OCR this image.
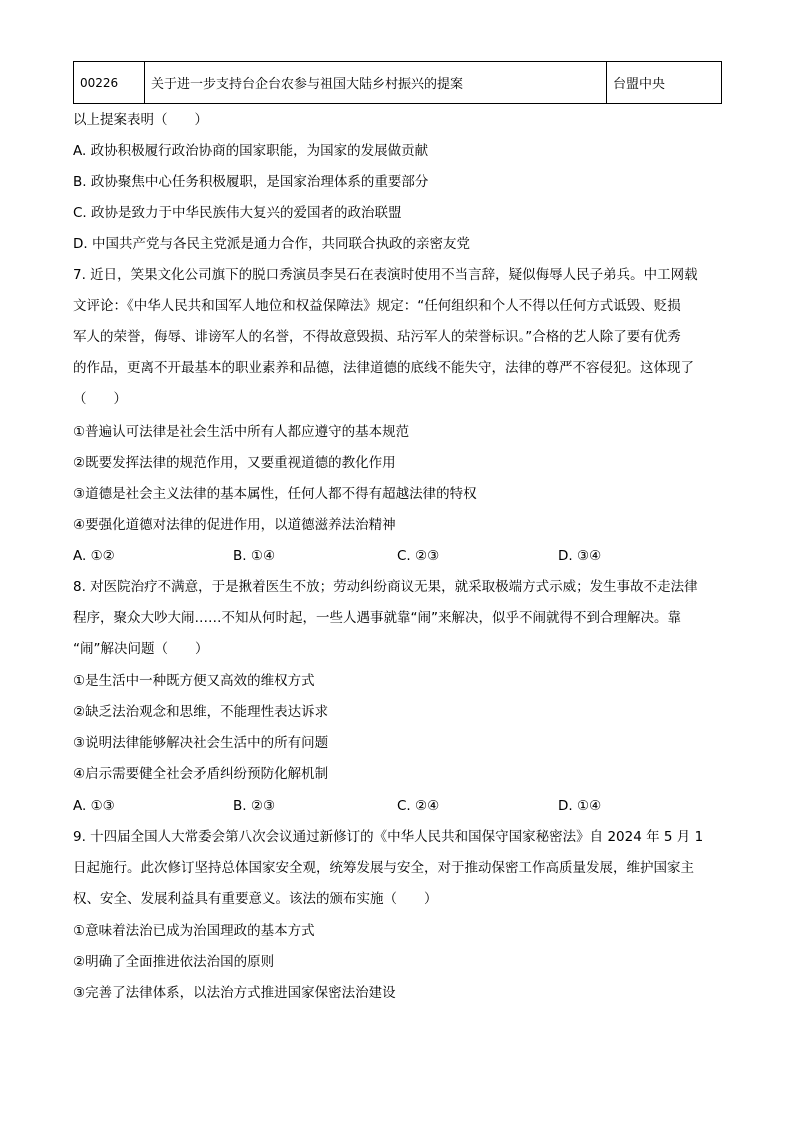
00226	关于进一步支持台企台农参与祖国大陆乡村振兴的提案	台盟中央
以上提案表明（　　）
A. 政协积极履行政治协商的国家职能，为国家的发展做贡献
B. 政协聚焦中心任务积极履职，是国家治理体系的重要部分
C. 政协是致力于中华民族伟大复兴的爱国者的政治联盟
D. 中国共产党与各民主党派是通力合作，共同联合执政的亲密友党
7. 近日，笑果文化公司旗下的脱口秀演员李昊石在表演时使用不当言辞，疑似侮辱人民子弟兵。中工网载
文评论：《中华人民共和国军人地位和权益保障法》规定：“任何组织和个人不得以任何方式诋毁、贬损
军人的荣誉，侮辱、诽谤军人的名誉，不得故意毁损、玷污军人的荣誉标识。”合格的艺人除了要有优秀
的作品，更离不开最基本的职业素养和品德，法律道德的底线不能失守，法律的尊严不容侵犯。这体现了
（　　）
①普遍认可法律是社会生活中所有人都应遵守的基本规范
②既要发挥法律的规范作用，又要重视道德的教化作用
③道德是社会主义法律的基本属性，任何人都不得有超越法律的特权
④要强化道德对法律的促进作用，以道德滋养法治精神
A. ①②	B. ①④	C. ②③	D. ③④
8. 对医院治疗不满意，于是揪着医生不放；劳动纠纷商议无果，就采取极端方式示威；发生事故不走法律
程序，聚众大吵大闹……不知从何时起，一些人遇事就靠“闹”来解决，似乎不闹就得不到合理解决。靠
“闹”解决问题（　　）
①是生活中一种既方便又高效的维权方式
②缺乏法治观念和思维，不能理性表达诉求
③说明法律能够解决社会生活中的所有问题
④启示需要健全社会矛盾纠纷预防化解机制
A. ①③	B. ②③	C. ②④	D. ①④
9. 十四届全国人大常委会第八次会议通过新修订的《中华人民共和国保守国家秘密法》自 2024 年 5 月 1
日起施行。此次修订坚持总体国家安全观，统筹发展与安全，对于推动保密工作高质量发展，维护国家主
权、安全、发展利益具有重要意义。该法的颁布实施（　　）
①意味着法治已成为治国理政的基本方式
②明确了全面推进依法治国的原则
③完善了法律体系，以法治方式推进国家保密法治建设
